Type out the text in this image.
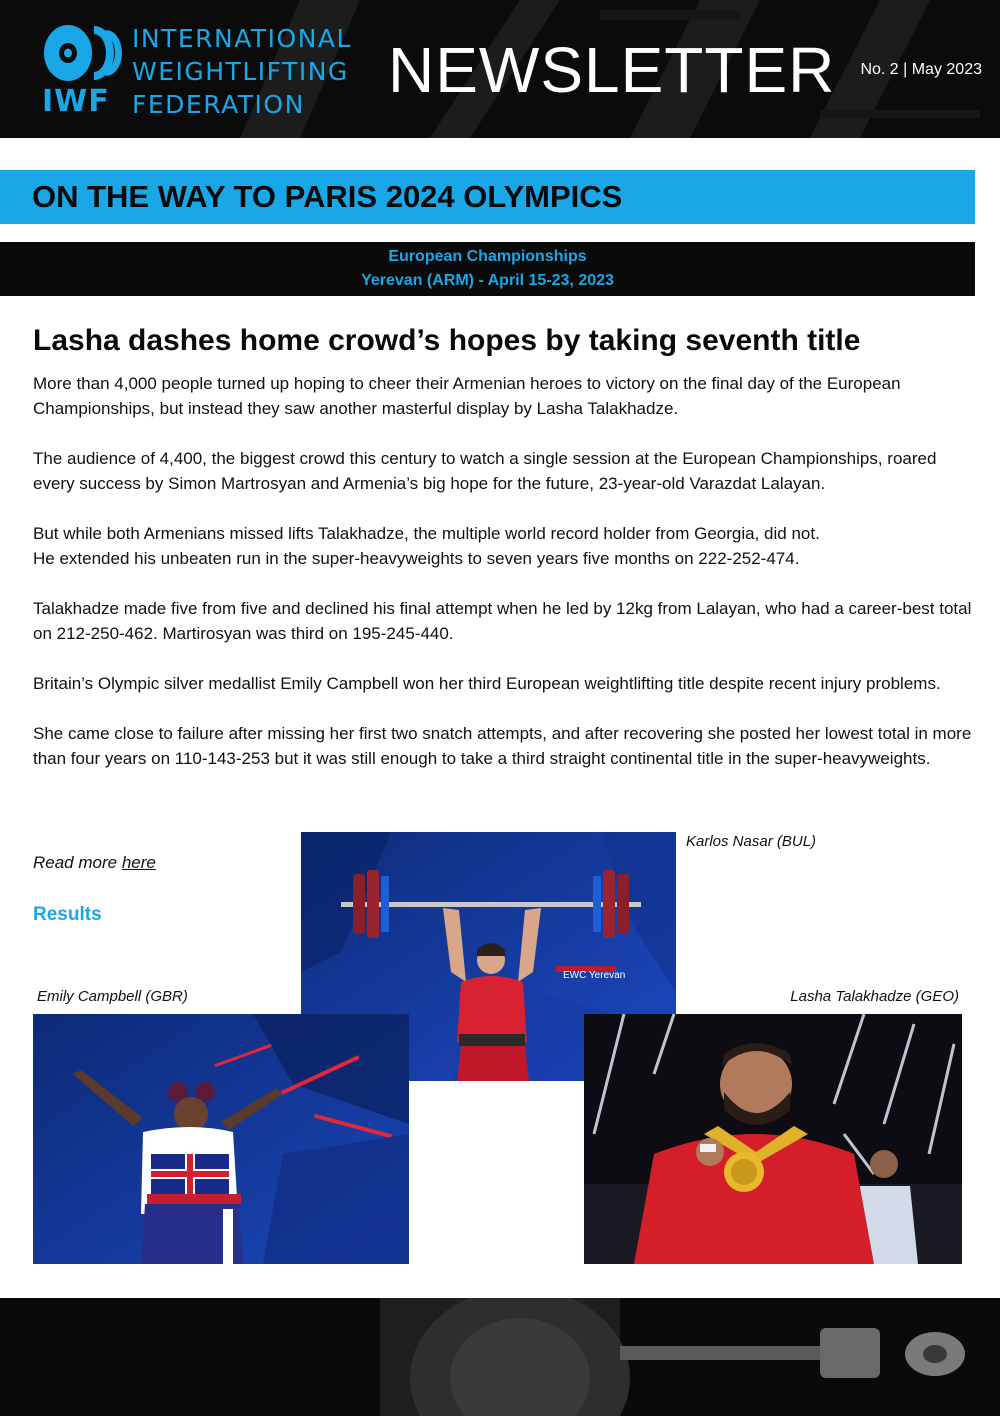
IWF
INTERNATIONAL
WEIGHTLIFTING
FEDERATION	NEWSLETTER No. 2 | May 2023
ON THE WAY TO PARIS 2024 OLYMPICS
European Championships
Yerevan (ARM) - April 15-23, 2023
Lasha dashes home crowd’s hopes by taking seventh title

More than 4,000 people turned up hoping to cheer their Armenian heroes to victory on the final day of the European Championships, but instead they saw another masterful display by Lasha Talakhadze.

The audience of 4,400, the biggest crowd this century to watch a single session at the European Championships, roared every success by Simon Martrosyan and Armenia’s big hope for the future, 23-year-old Varazdat Lalayan.

But while both Armenians missed lifts Talakhadze, the multiple world record holder from Georgia, did not.
He extended his unbeaten run in the super-heavyweights to seven years five months on 222-252-474.

Talakhadze made five from five and declined his final attempt when he led by 12kg from Lalayan, who had a career-best total on 212-250-462. Martirosyan was third on 195-245-440.

Britain’s Olympic silver medallist Emily Campbell won her third European weightlifting title despite recent injury problems.

She came close to failure after missing her first two snatch attempts, and after recovering she posted her lowest total in more than four years on 110-143-253 but it was still enough to take a third straight continental title in the super-heavyweights.

Read more here
Results
Karlos Nasar (BUL)
Emily Campbell (GBR)	Lasha Talakhadze (GEO)
EWC Yerevan
